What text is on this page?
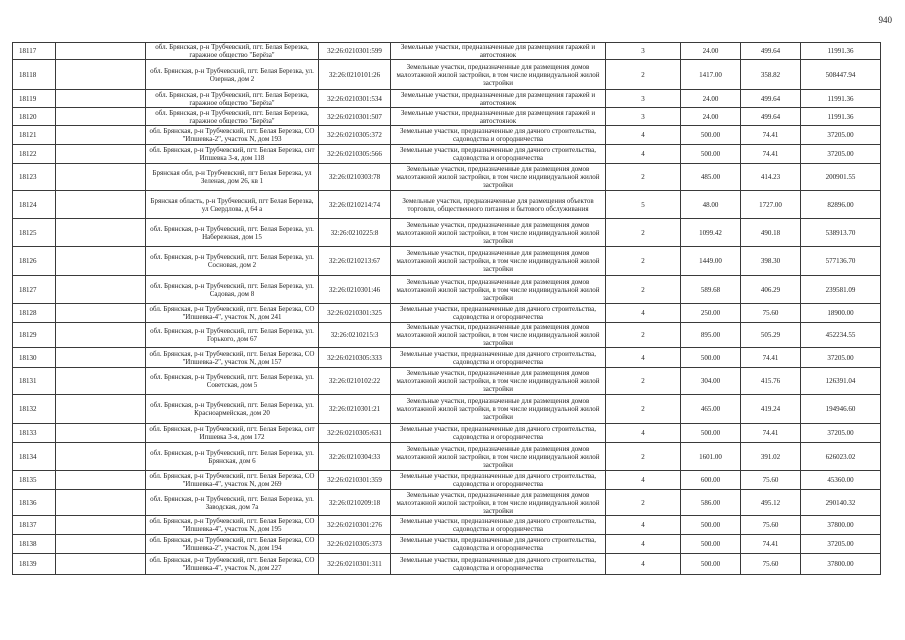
940
18117		обл. Брянская, р-н Трубчевский, пгт. Белая Березка, гаражное общество "Берёза"	32:26:0210301:599	Земельные участки, предназначенные для размещения гаражей и автостоянок	3	24.00	499.64	11991.36
18118		обл. Брянская, р-н Трубчевский, пгт. Белая Березка, ул. Озерная, дом 2	32:26:0210101:26	Земельные участки, предназначенные для размещения домов малоэтажной жилой застройки, в том числе индивидуальной жилой застройки	2	1417.00	358.82	508447.94
18119		обл. Брянская, р-н Трубчевский, пгт. Белая Березка, гаражное общество "Берёза"	32:26:0210301:534	Земельные участки, предназначенные для размещения гаражей и автостоянок	3	24.00	499.64	11991.36
18120		обл. Брянская, р-н Трубчевский, пгт. Белая Березка, гаражное общество "Берёза"	32:26:0210301:507	Земельные участки, предназначенные для размещения гаражей и автостоянок	3	24.00	499.64	11991.36
18121		обл. Брянская, р-н Трубчевский, пгт. Белая Березка, СО "Ипшевка-2", участок N, дом 193	32:26:0210305:372	Земельные участки, предназначенные для дачного строительства, садоводства и огородничества	4	500.00	74.41	37205.00
18122		обл. Брянская, р-н Трубчевский, пгт. Белая Березка, снт Ипшевка 3-я, дом 118	32:26:0210305:566	Земельные участки, предназначенные для дачного строительства, садоводства и огородничества	4	500.00	74.41	37205.00
18123		Брянская обл, р-н Трубчевский, пгт Белая Березка, ул Зеленая, дом 26, кв 1	32:26:0210303:78	Земельные участки, предназначенные для размещения домов малоэтажной жилой застройки, в том числе индивидуальной жилой застройки	2	485.00	414.23	200901.55
18124		Брянская область, р-н Трубчевский, пгт Белая Березка, ул Свердлова, д 64 а	32:26:0210214:74	Земельные участки, предназначенные для размещения объектов торговли, общественного питания и бытового обслуживания	5	48.00	1727.00	82896.00
18125		обл. Брянская, р-н Трубчевский, пгт. Белая Березка, ул. Набережная, дом 15	32:26:0210225:8	Земельные участки, предназначенные для размещения домов малоэтажной жилой застройки, в том числе индивидуальной жилой застройки	2	1099.42	490.18	538913.70
18126		обл. Брянская, р-н Трубчевский, пгт. Белая Березка, ул. Сосновая, дом 2	32:26:0210213:67	Земельные участки, предназначенные для размещения домов малоэтажной жилой застройки, в том числе индивидуальной жилой застройки	2	1449.00	398.30	577136.70
18127		обл. Брянская, р-н Трубчевский, пгт. Белая Березка, ул. Садовая, дом 8	32:26:0210301:46	Земельные участки, предназначенные для размещения домов малоэтажной жилой застройки, в том числе индивидуальной жилой застройки	2	589.68	406.29	239581.09
18128		обл. Брянская, р-н Трубчевский, пгт. Белая Березка, СО "Ипшевка-4", участок N, дом 241	32:26:0210301:325	Земельные участки, предназначенные для дачного строительства, садоводства и огородничества	4	250.00	75.60	18900.00
18129		обл. Брянская, р-н Трубчевский, пгт. Белая Березка, ул. Горького, дом 67	32:26:0210215:3	Земельные участки, предназначенные для размещения домов малоэтажной жилой застройки, в том числе индивидуальной жилой застройки	2	895.00	505.29	452234.55
18130		обл. Брянская, р-н Трубчевский, пгт. Белая Березка, СО "Ипшевка-2", участок N, дом 157	32:26:0210305:333	Земельные участки, предназначенные для дачного строительства, садоводства и огородничества	4	500.00	74.41	37205.00
18131		обл. Брянская, р-н Трубчевский, пгт. Белая Березка, ул. Советская, дом 5	32:26:0210102:22	Земельные участки, предназначенные для размещения домов малоэтажной жилой застройки, в том числе индивидуальной жилой застройки	2	304.00	415.76	126391.04
18132		обл. Брянская, р-н Трубчевский, пгт. Белая Березка, ул. Красноармейская, дом 20	32:26:0210301:21	Земельные участки, предназначенные для размещения домов малоэтажной жилой застройки, в том числе индивидуальной жилой застройки	2	465.00	419.24	194946.60
18133		обл. Брянская, р-н Трубчевский, пгт. Белая Березка, снт Ипшевка 3-я, дом 172	32:26:0210305:631	Земельные участки, предназначенные для дачного строительства, садоводства и огородничества	4	500.00	74.41	37205.00
18134		обл. Брянская, р-н Трубчевский, пгт. Белая Березка, ул. Брянская, дом 6	32:26:0210304:33	Земельные участки, предназначенные для размещения домов малоэтажной жилой застройки, в том числе индивидуальной жилой застройки	2	1601.00	391.02	626023.02
18135		обл. Брянская, р-н Трубчевский, пгт. Белая Березка, СО "Ипшевка-4", участок N, дом 269	32:26:0210301:359	Земельные участки, предназначенные для дачного строительства, садоводства и огородничества	4	600.00	75.60	45360.00
18136		обл. Брянская, р-н Трубчевский, пгт. Белая Березка, ул. Заводская, дом 7а	32:26:0210209:18	Земельные участки, предназначенные для размещения домов малоэтажной жилой застройки, в том числе индивидуальной жилой застройки	2	586.00	495.12	290140.32
18137		обл. Брянская, р-н Трубчевский, пгт. Белая Березка, СО "Ипшевка-4", участок N, дом 195	32:26:0210301:276	Земельные участки, предназначенные для дачного строительства, садоводства и огородничества	4	500.00	75.60	37800.00
18138		обл. Брянская, р-н Трубчевский, пгт. Белая Березка, СО "Ипшевка-2", участок N, дом 194	32:26:0210305:373	Земельные участки, предназначенные для дачного строительства, садоводства и огородничества	4	500.00	74.41	37205.00
18139		обл. Брянская, р-н Трубчевский, пгт. Белая Березка, СО "Ипшевка-4", участок N, дом 227	32:26:0210301:311	Земельные участки, предназначенные для дачного строительства, садоводства и огородничества	4	500.00	75.60	37800.00
